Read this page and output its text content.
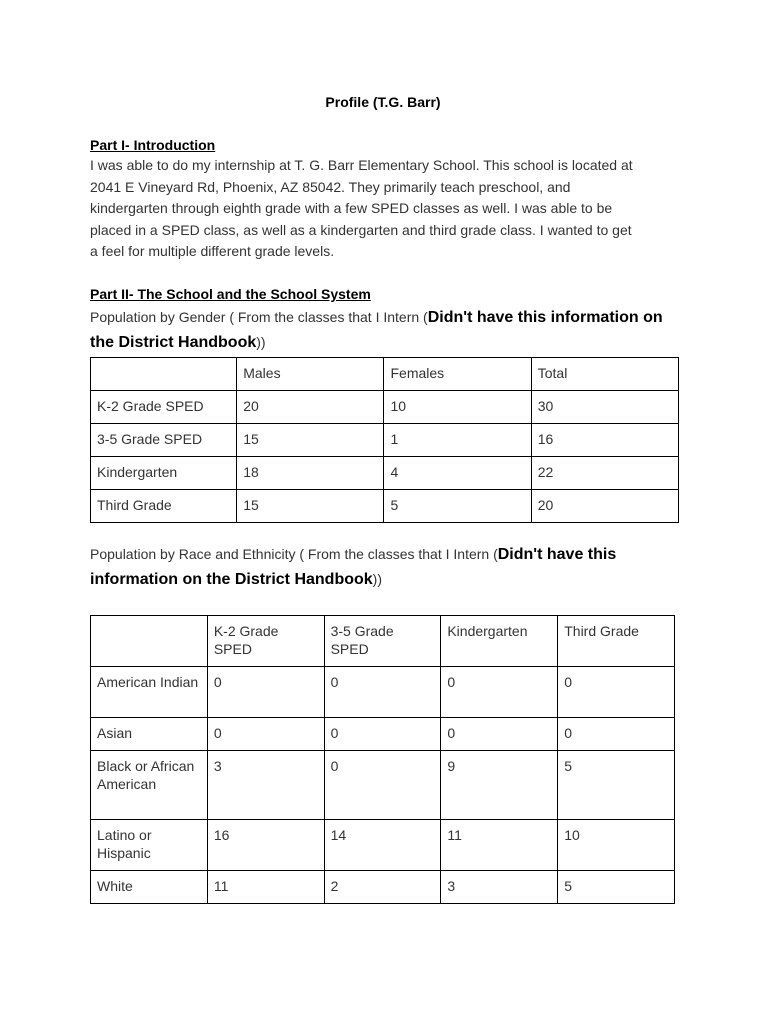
Profile (T.G. Barr)
Part I- Introduction
I was able to do my internship at T. G. Barr Elementary School. This school is located at
2041 E Vineyard Rd, Phoenix, AZ 85042. They primarily teach preschool, and
kindergarten through eighth grade with a few SPED classes as well. I was able to be
placed in a SPED class, as well as a kindergarten and third grade class. I wanted to get
a feel for multiple different grade levels.
Part II- The School and the School System
Population by Gender ( From the classes that I Intern (Didn't have this information on the District Handbook))
	Males	Females	Total
K-2 Grade SPED	20	10	30
3-5 Grade SPED	15	1	16
Kindergarten	18	4	22
Third Grade	15	5	20
Population by Race and Ethnicity ( From the classes that I Intern (Didn't have this information on the District Handbook))
	K-2 Grade SPED	3-5 Grade SPED	Kindergarten	Third Grade
American Indian	0	0	0	0
Asian	0	0	0	0
Black or African American	3	0	9	5
Latino or Hispanic	16	14	11	10
White	11	2	3	5
